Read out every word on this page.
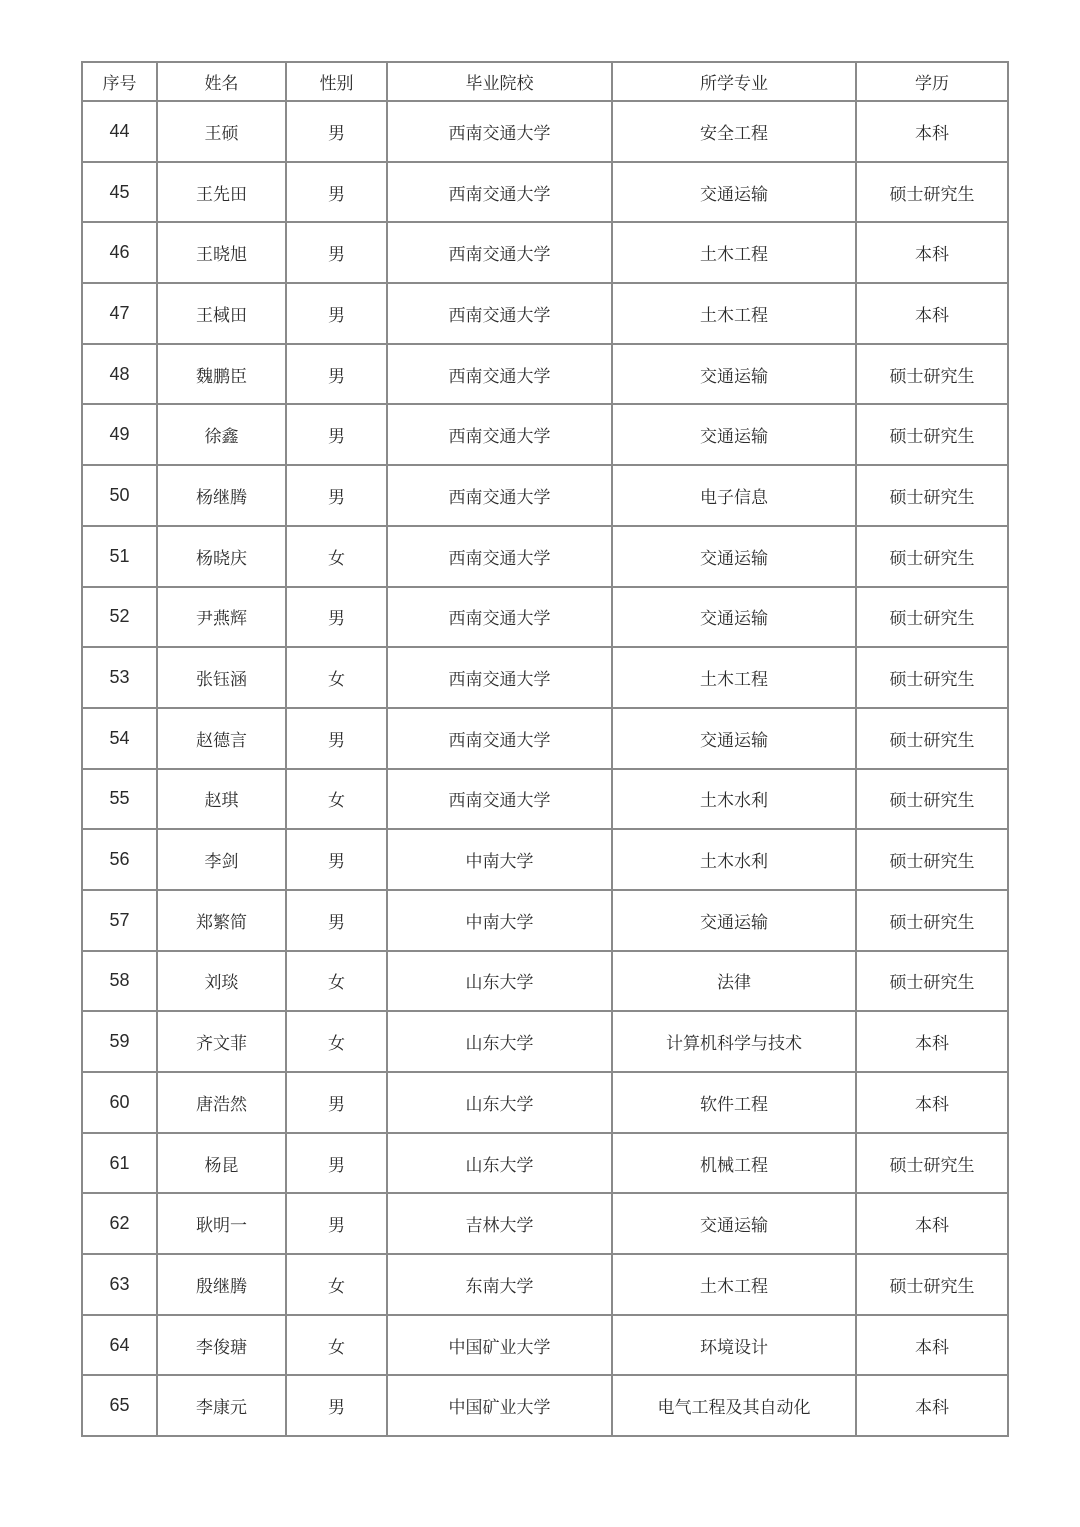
序号	姓名	性别	毕业院校	所学专业	学历
44	王硕	男	西南交通大学	安全工程	本科
45	王先田	男	西南交通大学	交通运输	硕士研究生
46	王晓旭	男	西南交通大学	土木工程	本科
47	王棫田	男	西南交通大学	土木工程	本科
48	魏鹏臣	男	西南交通大学	交通运输	硕士研究生
49	徐鑫	男	西南交通大学	交通运输	硕士研究生
50	杨继腾	男	西南交通大学	电子信息	硕士研究生
51	杨晓庆	女	西南交通大学	交通运输	硕士研究生
52	尹燕辉	男	西南交通大学	交通运输	硕士研究生
53	张钰涵	女	西南交通大学	土木工程	硕士研究生
54	赵德言	男	西南交通大学	交通运输	硕士研究生
55	赵琪	女	西南交通大学	土木水利	硕士研究生
56	李剑	男	中南大学	土木水利	硕士研究生
57	郑繁简	男	中南大学	交通运输	硕士研究生
58	刘琰	女	山东大学	法律	硕士研究生
59	齐文菲	女	山东大学	计算机科学与技术	本科
60	唐浩然	男	山东大学	软件工程	本科
61	杨昆	男	山东大学	机械工程	硕士研究生
62	耿明一	男	吉林大学	交通运输	本科
63	殷继腾	女	东南大学	土木工程	硕士研究生
64	李俊瑭	女	中国矿业大学	环境设计	本科
65	李康元	男	中国矿业大学	电气工程及其自动化	本科
